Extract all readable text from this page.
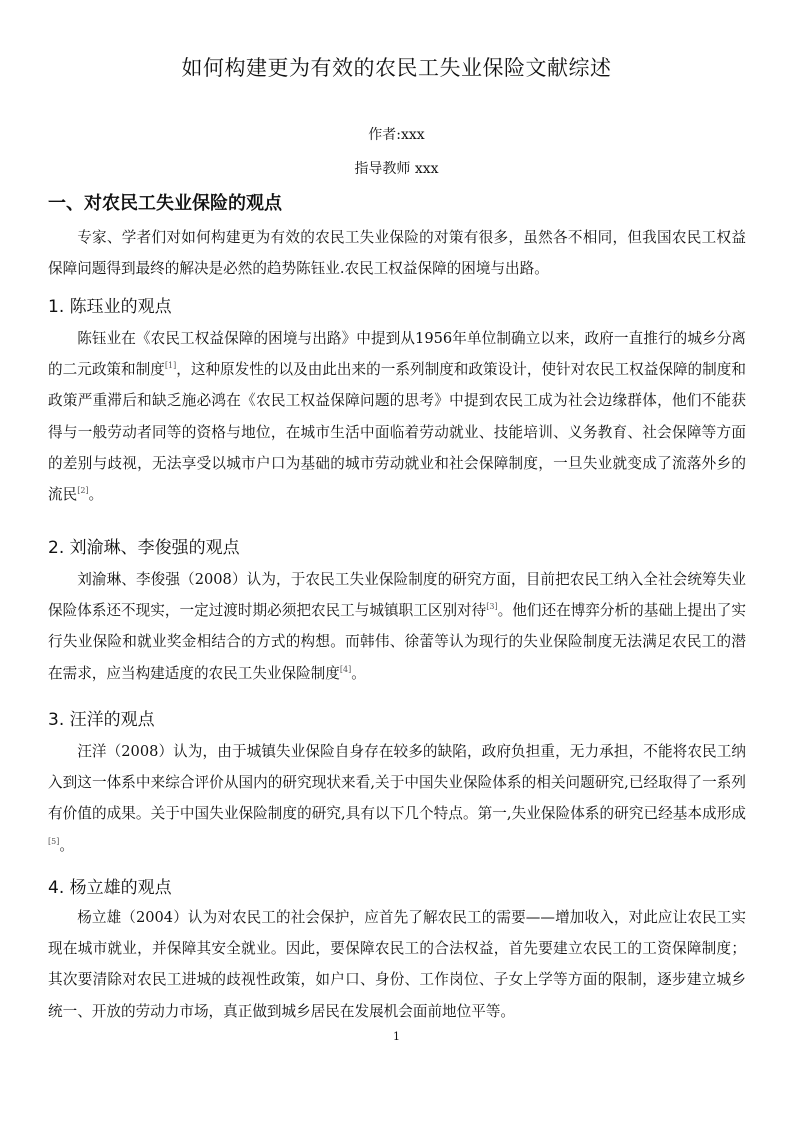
如何构建更为有效的农民工失业保险文献综述
作者:xxx
指导教师 xxx
一、对农民工失业保险的观点

专家、学者们对如何构建更为有效的农民工失业保险的对策有很多，虽然各不相同，但我国农民工权益保障问题得到最终的解决是必然的趋势陈钰业.农民工权益保障的困境与出路。

1. 陈珏业的观点

陈钰业在《农民工权益保障的困境与出路》中提到从1956年单位制确立以来，政府一直推行的城乡分离的二元政策和制度[1]，这种原发性的以及由此出来的一系列制度和政策设计，使针对农民工权益保障的制度和政策严重滞后和缺乏施必鸿在《农民工权益保障问题的思考》中提到农民工成为社会边缘群体，他们不能获得与一般劳动者同等的资格与地位，在城市生活中面临着劳动就业、技能培训、义务教育、社会保障等方面的差别与歧视，无法享受以城市户口为基础的城市劳动就业和社会保障制度，一旦失业就变成了流落外乡的流民[2]。

2. 刘渝琳、李俊强的观点

刘渝琳、李俊强（2008）认为，于农民工失业保险制度的研究方面，目前把农民工纳入全社会统筹失业保险体系还不现实，一定过渡时期必须把农民工与城镇职工区别对待[3]。他们还在博弈分析的基础上提出了实行失业保险和就业奖金相结合的方式的构想。而韩伟、徐蕾等认为现行的失业保险制度无法满足农民工的潜在需求，应当构建适度的农民工失业保险制度[4]。

3. 汪洋的观点

汪洋（2008）认为，由于城镇失业保险自身存在较多的缺陷，政府负担重，无力承担，不能将农民工纳入到这一体系中来综合评价从国内的研究现状来看,关于中国失业保险体系的相关问题研究,已经取得了一系列有价值的成果。关于中国失业保险制度的研究,具有以下几个特点。第一,失业保险体系的研究已经基本成形成[5]。

4. 杨立雄的观点

杨立雄（2004）认为对农民工的社会保护，应首先了解农民工的需要——增加收入，对此应让农民工实现在城市就业，并保障其安全就业。因此，要保障农民工的合法权益，首先要建立农民工的工资保障制度；其次要清除对农民工进城的歧视性政策，如户口、身份、工作岗位、子女上学等方面的限制，逐步建立城乡统一、开放的劳动力市场，真正做到城乡居民在发展机会面前地位平等。

1
